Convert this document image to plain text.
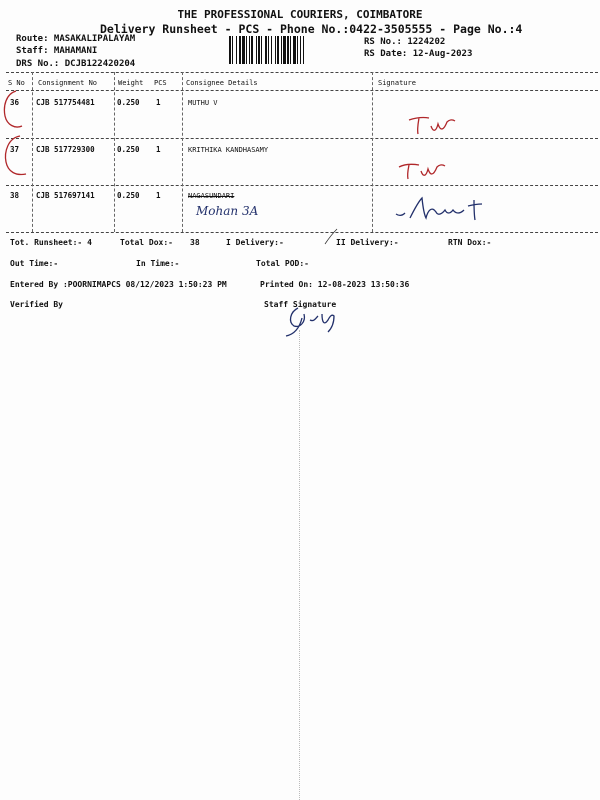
THE PROFESSIONAL COURIERS, COIMBATORE
Delivery Runsheet - PCS - Phone No.:0422-3505555 - Page No.:4
Route: MASAKALIPALAYAM
Staff: MAHAMANI
DRS No.: DCJB122420204
RS No.: 1224202
RS Date: 12-Aug-2023
S No Consignment No	Weight PCS	Consignee Details	Signature
36 CJB 517754481	0.250 1	MUTHU V
37 CJB 517729300	0.250 1	KRITHIKA KANDHASAMY
38 CJB 517697141	0.250 1	NAGASUNDARI
Mohan 3A
Tot. Runsheet:- 4	Total Dox:- 38	I Delivery:-	II Delivery:-	RTN Dox:-
Out Time:-	In Time:-	Total POD:-
Entered By :POORNIMAPCS 08/12/2023 1:50:23 PM	Printed On: 12-08-2023 13:50:36
Verified By	Staff Signature
